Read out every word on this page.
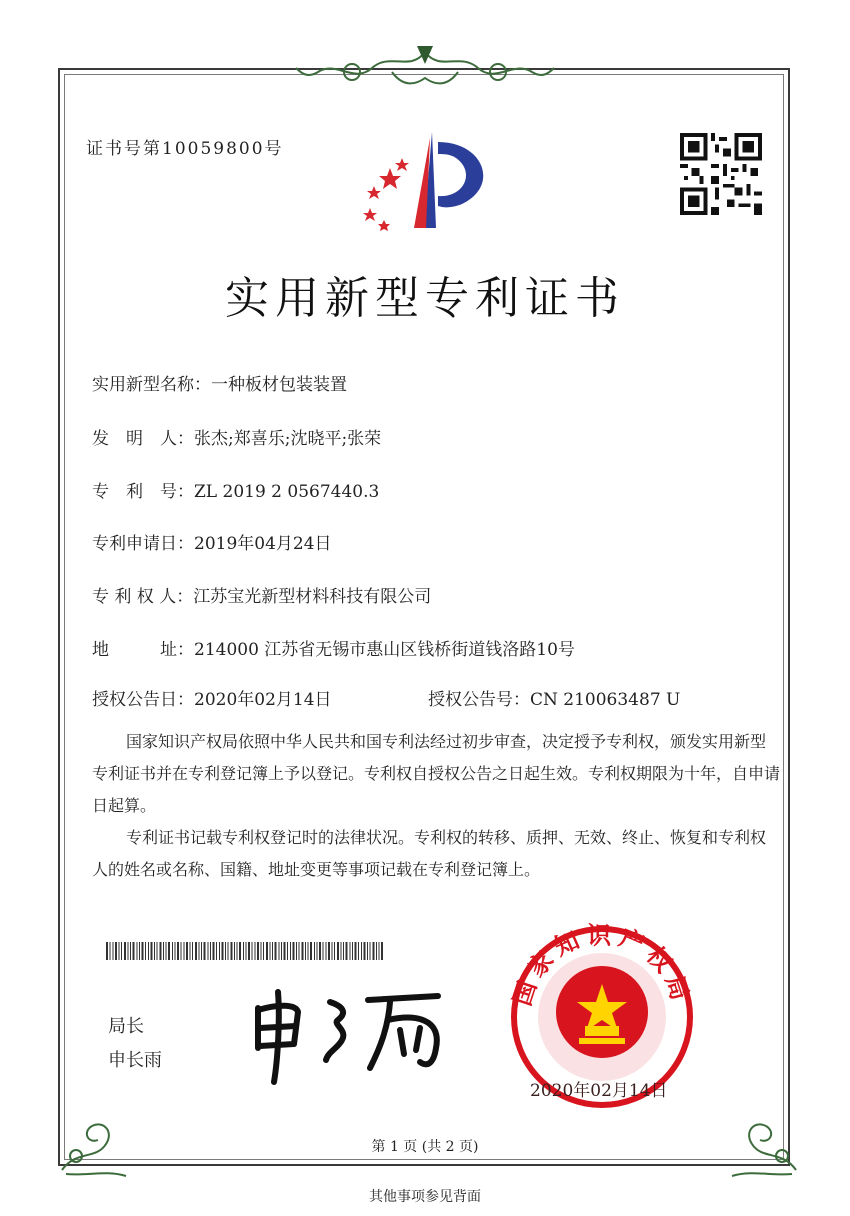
证书号第10059800号
实用新型专利证书
实用新型名称：一种板材包装装置
发　明　人：张杰;郑喜乐;沈晓平;张荣
专　利　号：ZL 2019 2 0567440.3
专利申请日：2019年04月24日
专 利 权 人：江苏宝光新型材料科技有限公司
地　　　址：214000 江苏省无锡市惠山区钱桥街道钱洛路10号
授权公告日：2020年02月14日	授权公告号：CN 210063487 U
国家知识产权局依照中华人民共和国专利法经过初步审查，决定授予专利权，颁发实用新型专利证书并在专利登记簿上予以登记。专利权自授权公告之日起生效。专利权期限为十年，自申请日起算。
专利证书记载专利权登记时的法律状况。专利权的转移、质押、无效、终止、恢复和专利权人的姓名或名称、国籍、地址变更等事项记载在专利登记簿上。
局长
申长雨
国家知识产权局
2020年02月14日
第 1 页 (共 2 页)
其他事项参见背面
